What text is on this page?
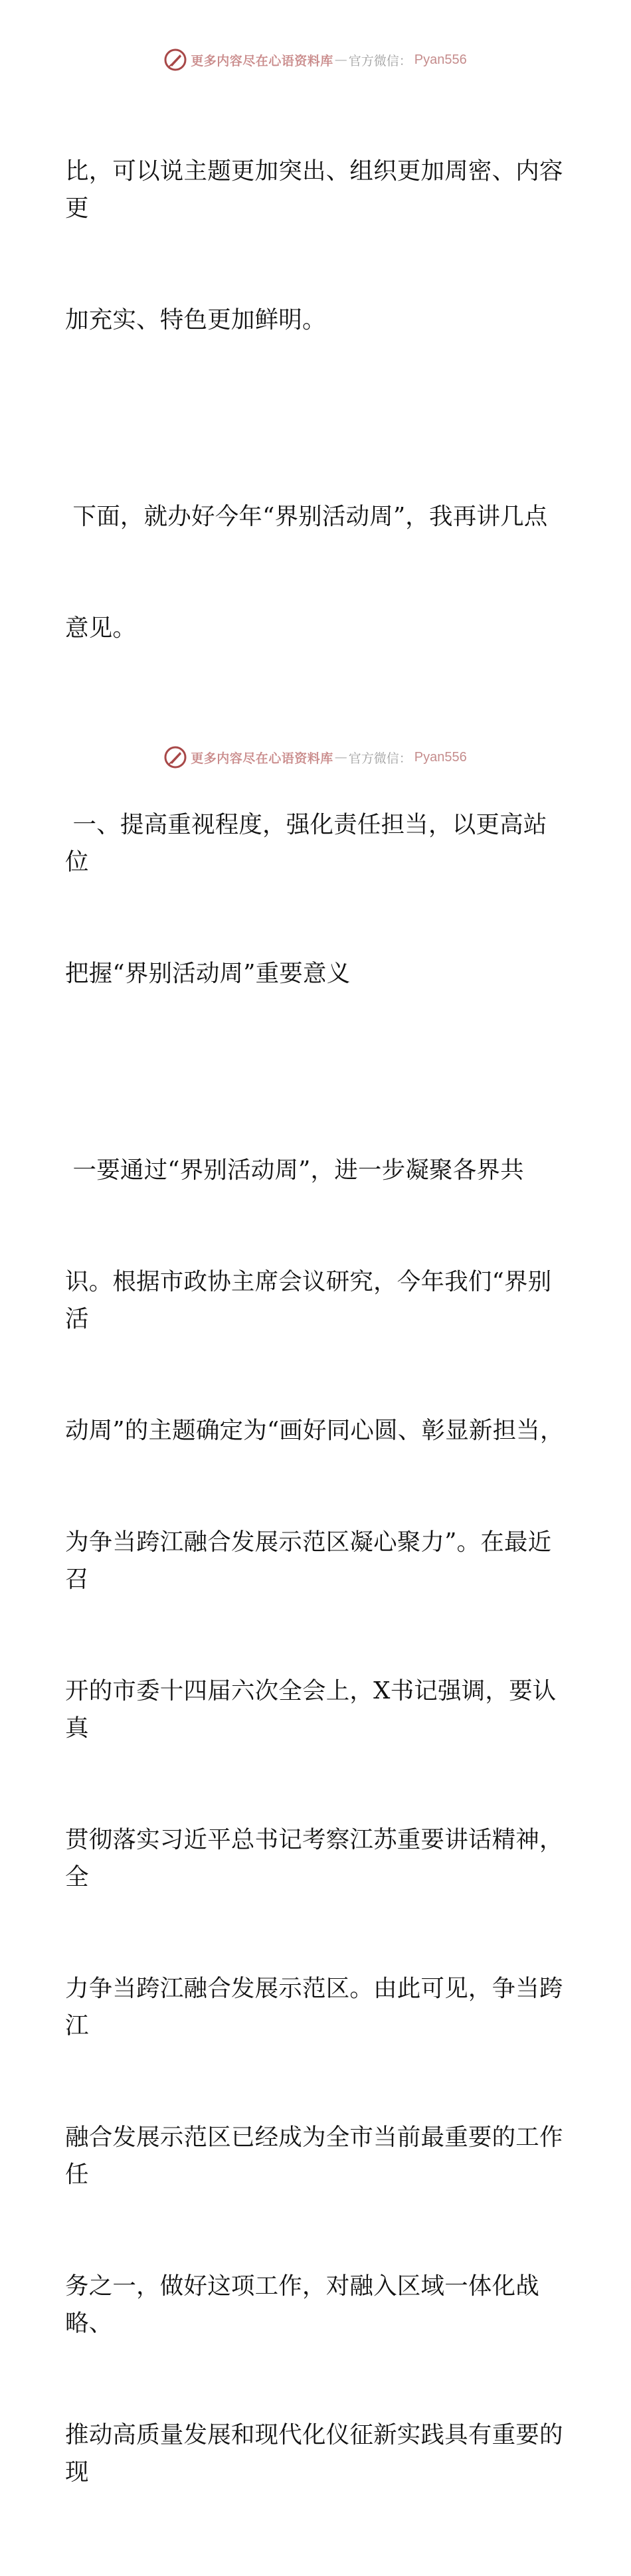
更多内容尽在心语资料库 — 官方微信： Pyan556

比，可以说主题更加突出、组织更加周密、内容更

加充实、特色更加鲜明。

下面，就办好今年“界别活动周”，我再讲几点

意见。

一、提高重视程度，强化责任担当，以更高站位

把握“界别活动周”重要意义

一要通过“界别活动周”，进一步凝聚各界共

识。根据市政协主席会议研究，今年我们“界别活

动周”的主题确定为“画好同心圆、彰显新担当，

为争当跨江融合发展示范区凝心聚力”。在最近召

开的市委十四届六次全会上，X书记强调，要认真

贯彻落实习近平总书记考察江苏重要讲话精神，全

力争当跨江融合发展示范区。由此可见，争当跨江

融合发展示范区已经成为全市当前最重要的工作任

务之一，做好这项工作，对融入区域一体化战略、

推动高质量发展和现代化仪征新实践具有重要的现

更多内容尽在心语资料库 — 官方微信： Pyan556
